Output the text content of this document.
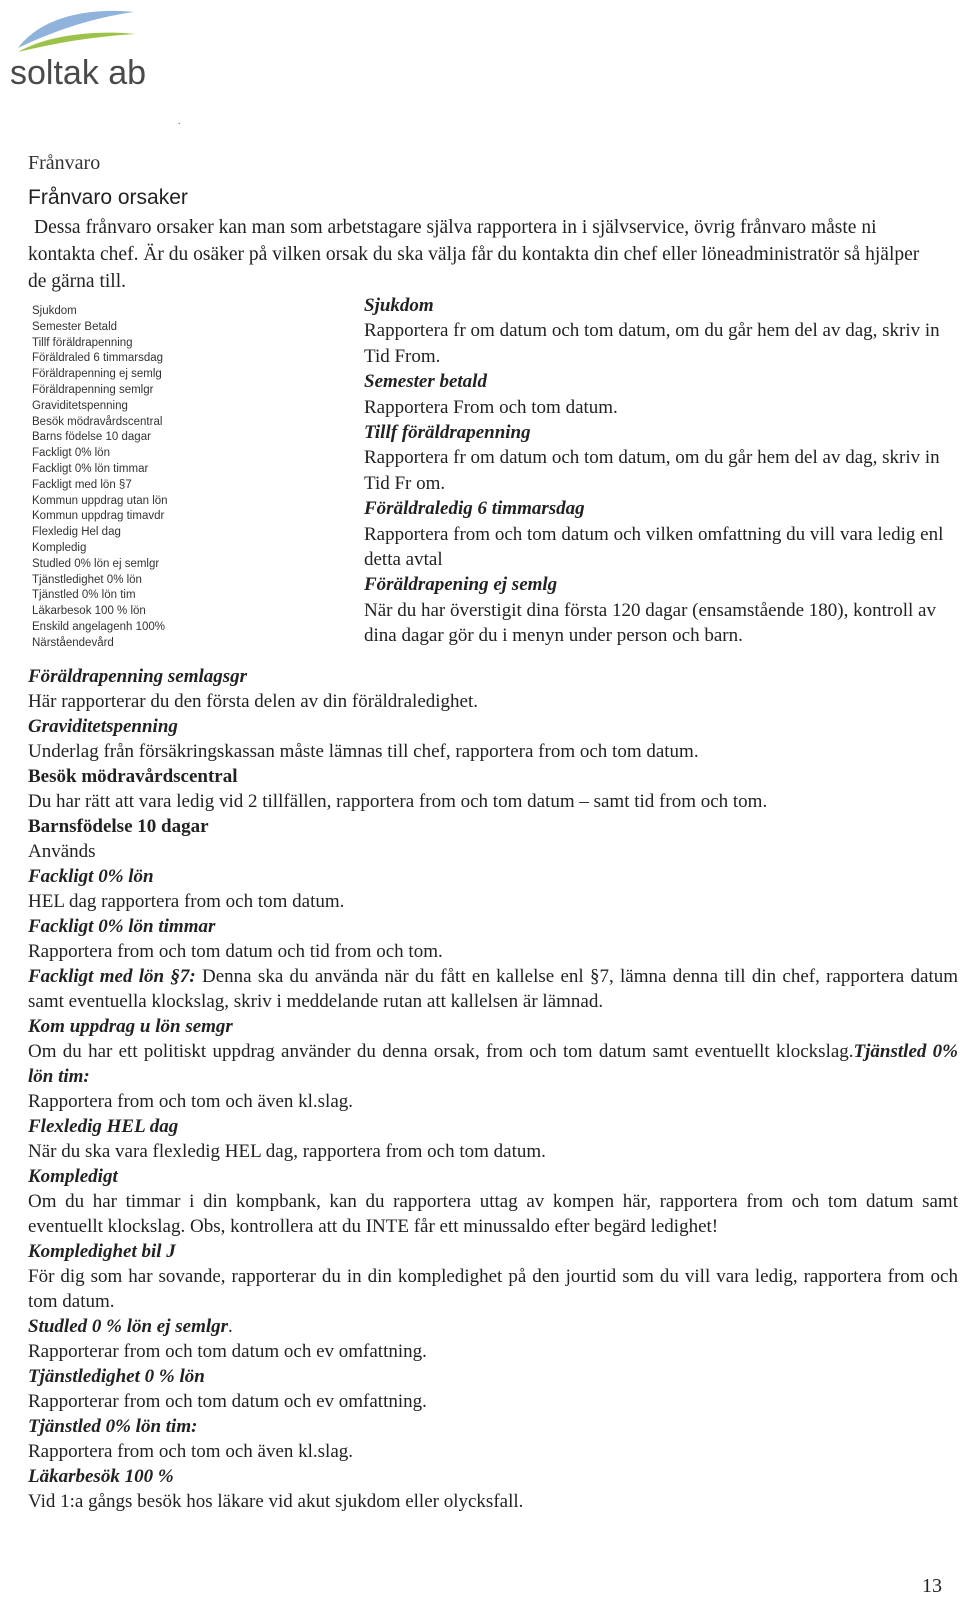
soltak ab
.
Frånvaro
Frånvaro orsaker

Dessa frånvaro orsaker kan man som arbetstagare själva rapportera in i självservice, övrig frånvaro måste ni kontakta chef. Är du osäker på vilken orsak du ska välja får du kontakta din chef eller löneadministratör så hjälper de gärna till.

Sjukdom
Semester Betald
Tillf föräldrapenning
Föräldraled 6 timmarsdag
Föräldrapenning ej semlg
Föräldrapenning semlgr
Graviditetspenning
Besök mödravårdscentral
Barns födelse 10 dagar
Fackligt 0% lön
Fackligt 0% lön timmar
Fackligt med lön §7
Kommun uppdrag utan lön
Kommun uppdrag timavdr
Flexledig Hel dag
Kompledig
Studled 0% lön ej semlgr
Tjänstledighet 0% lön
Tjänstled 0% lön tim
Läkarbesok 100 % lön
Enskild angelagenh 100%
Närståendevård

Sjukdom

Rapportera fr om datum och tom datum, om du går hem del av dag, skriv in Tid From.

Semester betald

Rapportera From och tom datum.

Tillf föräldrapenning

Rapportera fr om datum och tom datum, om du går hem del av dag, skriv in Tid Fr om.

Föräldraledig 6 timmarsdag

Rapportera from och tom datum och vilken omfattning du vill vara ledig enl detta avtal

Föräldrapening ej semlg

När du har överstigit dina första 120 dagar (ensamstående 180), kontroll av dina dagar gör du i menyn under person och barn.

Föräldrapenning semlagsgr

Här rapporterar du den första delen av din föräldraledighet.

Graviditetspenning

Underlag från försäkringskassan måste lämnas till chef, rapportera from och tom datum.

Besök mödravårdscentral

Du har rätt att vara ledig vid 2 tillfällen, rapportera from och tom datum – samt tid from och tom.

Barnsfödelse 10 dagar

Används

Fackligt 0% lön

HEL dag rapportera from och tom datum.

Fackligt 0% lön timmar

Rapportera from och tom datum och tid from och tom.

Fackligt med lön §7: Denna ska du använda när du fått en kallelse enl §7, lämna denna till din chef, rapportera datum samt eventuella klockslag, skriv i meddelande rutan att kallelsen är lämnad.

Kom uppdrag u lön semgr

Om du har ett politiskt uppdrag använder du denna orsak, from och tom datum samt eventuellt klockslag.Tjänstled 0% lön tim:

Rapportera from och tom och även kl.slag.

Flexledig HEL dag

När du ska vara flexledig HEL dag, rapportera from och tom datum.

Kompledigt

Om du har timmar i din kompbank, kan du rapportera uttag av kompen här, rapportera from och tom datum samt eventuellt klockslag. Obs, kontrollera att du INTE får ett minussaldo efter begärd ledighet!

Kompledighet bil J

För dig som har sovande, rapporterar du in din kompledighet på den jourtid som du vill vara ledig, rapportera from och tom datum.

Studled 0 % lön ej semlgr.

Rapporterar from och tom datum och ev omfattning.

Tjänstledighet 0 % lön

Rapporterar from och tom datum och ev omfattning.

Tjänstled 0% lön tim:

Rapportera from och tom och även kl.slag.

Läkarbesök 100 %

Vid 1:a gångs besök hos läkare vid akut sjukdom eller olycksfall.

13
